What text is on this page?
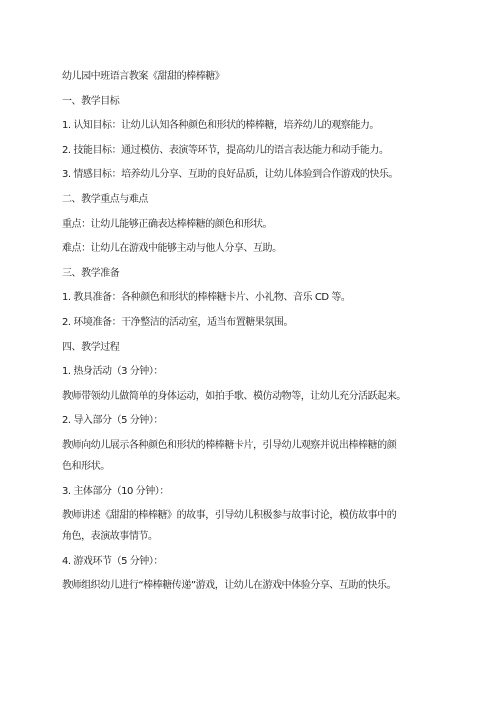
幼儿园中班语言教案《甜甜的棒棒糖》
一、教学目标
1. 认知目标：让幼儿认知各种颜色和形状的棒棒糖，培养幼儿的观察能力。
2. 技能目标：通过模仿、表演等环节，提高幼儿的语言表达能力和动手能力。
3. 情感目标：培养幼儿分享、互助的良好品质，让幼儿体验到合作游戏的快乐。
二、教学重点与难点
重点：让幼儿能够正确表达棒棒糖的颜色和形状。
难点：让幼儿在游戏中能够主动与他人分享、互助。
三、教学准备
1. 教具准备：各种颜色和形状的棒棒糖卡片、小礼物、音乐 CD 等。
2. 环境准备：干净整洁的活动室，适当布置糖果氛围。
四、教学过程
1. 热身活动（3 分钟）：
教师带领幼儿做简单的身体运动，如拍手歌、模仿动物等，让幼儿充分活跃起来。
2. 导入部分（5 分钟）：
教师向幼儿展示各种颜色和形状的棒棒糖卡片，引导幼儿观察并说出棒棒糖的颜
色和形状。
3. 主体部分（10 分钟）：
教师讲述《甜甜的棒棒糖》的故事，引导幼儿积极参与故事讨论，模仿故事中的
角色，表演故事情节。
4. 游戏环节（5 分钟）：
教师组织幼儿进行“棒棒糖传递”游戏，让幼儿在游戏中体验分享、互助的快乐。
